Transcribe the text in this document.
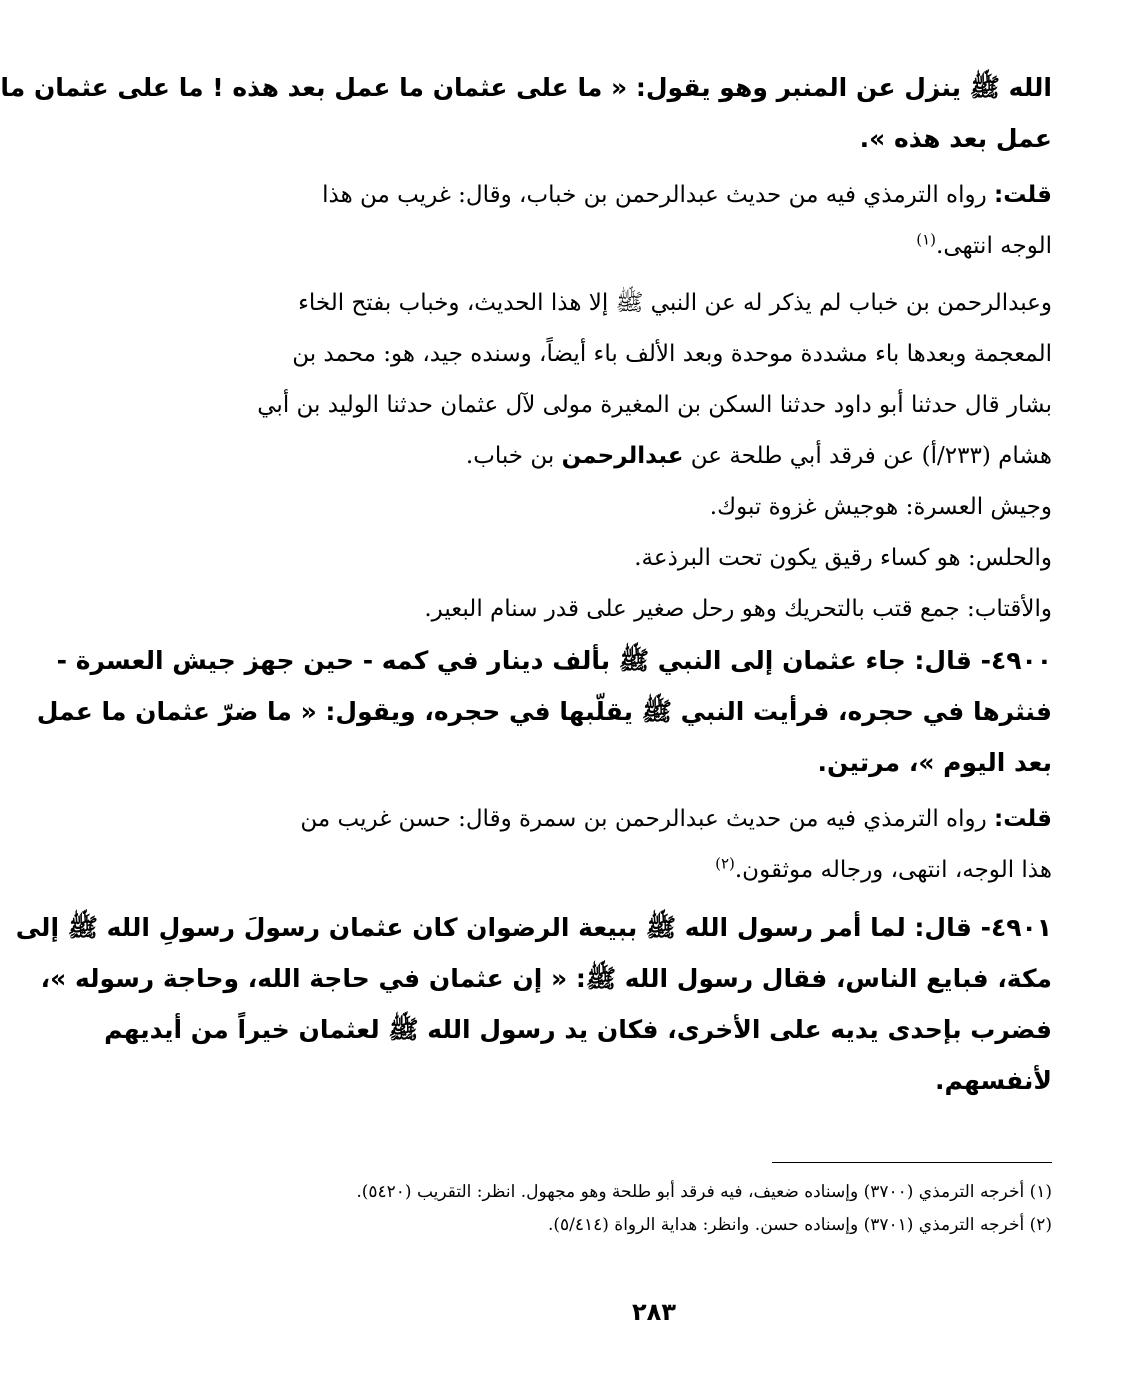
الله ﷺ ينزل عن المنبر وهو يقول: « ما على عثمان ما عمل بعد هذه ! ما على عثمان ما
عمل بعد هذه ».
قلت: رواه الترمذي فيه من حديث عبدالرحمن بن خباب، وقال: غريب من هذا
الوجه انتهى.$^{(١)}$
وعبدالرحمن بن خباب لم يذكر له عن النبي ﷺ إلا هذا الحديث، وخباب بفتح الخاء
المعجمة وبعدها باء مشددة موحدة وبعد الألف باء أيضاً، وسنده جيد، هو: محمد بن
بشار قال حدثنا أبو داود حدثنا السكن بن المغيرة مولى لآل عثمان حدثنا الوليد بن أبي
هشام (٢٣٣/أ) عن فرقد أبي طلحة عن عبدالرحمن بن خباب.
وجيش العسرة: هوجيش غزوة تبوك.
والحلس: هو كساء رقيق يكون تحت البرذعة.
والأقتاب: جمع قتب بالتحريك وهو رحل صغير على قدر سنام البعير.
٤٩٠٠- قال: جاء عثمان إلى النبي ﷺ بألف دينار في كمه - حين جهز جيش العسرة -
فنثرها في حجره، فرأيت النبي ﷺ يقلّبها في حجره، ويقول: « ما ضرّ عثمان ما عمل
بعد اليوم »، مرتين.
قلت: رواه الترمذي فيه من حديث عبدالرحمن بن سمرة وقال: حسن غريب من
هذا الوجه، انتهى، ورجاله موثقون.$^{(٢)}$
٤٩٠١- قال: لما أمر رسول الله ﷺ ببيعة الرضوان كان عثمان رسولَ رسولِ الله ﷺ إلى
مكة، فبايع الناس، فقال رسول الله ﷺ: « إن عثمان في حاجة الله، وحاجة رسوله »،
فضرب بإحدى يديه على الأخرى، فكان يد رسول الله ﷺ لعثمان خيراً من أيديهم
لأنفسهم.
(١) أخرجه الترمذي (٣٧٠٠) وإسناده ضعيف، فيه فرقد أبو طلحة وهو مجهول. انظر: التقريب (٥٤٢٠).
(٢) أخرجه الترمذي (٣٧٠١) وإسناده حسن. وانظر: هداية الرواة (٥/٤١٤).
٢٨٣
